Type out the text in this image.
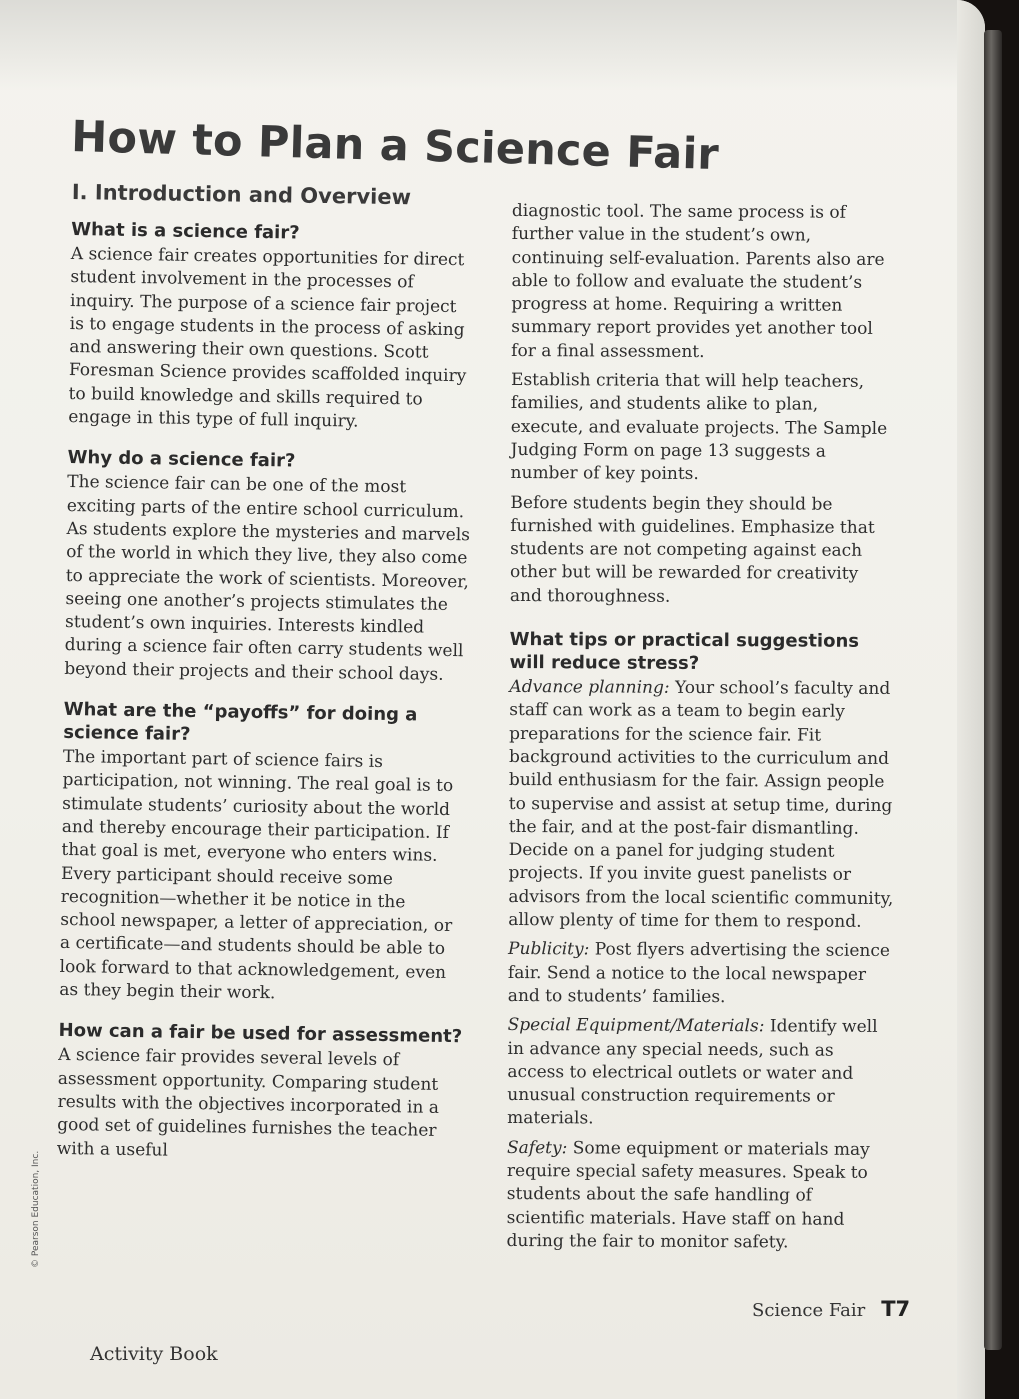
How to Plan a Science Fair
I. Introduction and Overview
What is a science fair?

A science fair creates opportunities for direct student involvement in the processes of inquiry. The purpose of a science fair project is to engage students in the process of asking and answering their own questions. Scott Foresman Science provides scaffolded inquiry to build knowledge and skills required to engage in this type of full inquiry.

Why do a science fair?

The science fair can be one of the most exciting parts of the entire school curriculum. As students explore the mysteries and marvels of the world in which they live, they also come to appreciate the work of scientists. Moreover, seeing one another’s projects stimulates the student’s own inquiries. Interests kindled during a science fair often carry students well beyond their projects and their school days.

What are the “payoffs” for doing a science fair?

The important part of science fairs is participation, not winning. The real goal is to stimulate students’ curiosity about the world and thereby encourage their participation. If that goal is met, everyone who enters wins. Every participant should receive some recognition—whether it be notice in the school newspaper, a letter of appreciation, or a certificate—and students should be able to look forward to that acknowledgement, even as they begin their work.

How can a fair be used for assessment?

A science fair provides several levels of assessment opportunity. Comparing student results with the objectives incorporated in a good set of guidelines furnishes the teacher with a useful

diagnostic tool. The same process is of further value in the student’s own, continuing self-evaluation. Parents also are able to follow and evaluate the student’s progress at home. Requiring a written summary report provides yet another tool for a final assessment.

Establish criteria that will help teachers, families, and students alike to plan, execute, and evaluate projects. The Sample Judging Form on page 13 suggests a number of key points.

Before students begin they should be furnished with guidelines. Emphasize that students are not competing against each other but will be rewarded for creativity and thoroughness.

What tips or practical suggestions will reduce stress?

Advance planning: Your school’s faculty and staff can work as a team to begin early preparations for the science fair. Fit background activities to the curriculum and build enthusiasm for the fair. Assign people to supervise and assist at setup time, during the fair, and at the post-fair dismantling. Decide on a panel for judging student projects. If you invite guest panelists or advisors from the local scientific community, allow plenty of time for them to respond.

Publicity: Post flyers advertising the science fair. Send a notice to the local newspaper and to students’ families.

Special Equipment/Materials: Identify well in advance any special needs, such as access to electrical outlets or water and unusual construction requirements or materials.

Safety: Some equipment or materials may require special safety measures. Speak to students about the safe handling of scientific materials. Have staff on hand during the fair to monitor safety.

© Pearson Education, Inc.
Activity Book
Science Fair T7
